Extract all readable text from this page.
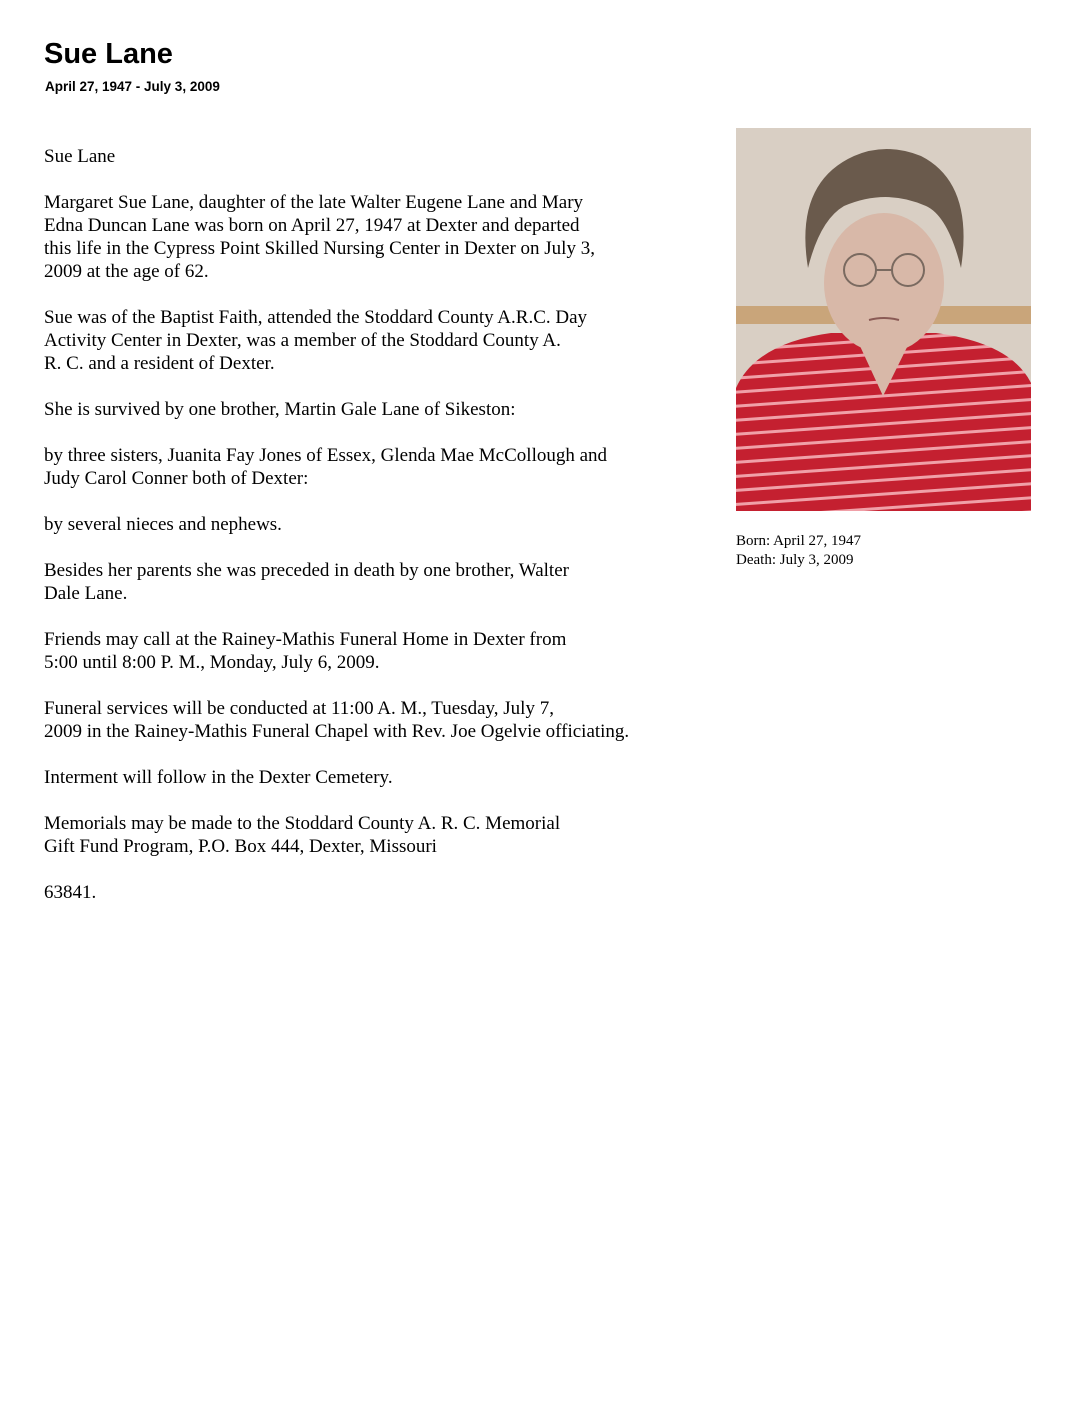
Sue Lane
April 27, 1947 - July 3, 2009

Sue Lane

Margaret Sue Lane, daughter of the late Walter Eugene Lane and Mary
Edna Duncan Lane was born on April 27, 1947 at Dexter and departed
this life in the Cypress Point Skilled Nursing Center in Dexter on July 3,
2009 at the age of 62.

Sue was of the Baptist Faith, attended the Stoddard County A.R.C. Day
Activity Center in Dexter, was a member of the Stoddard County A.
R. C. and a resident of Dexter.

She is survived by one brother, Martin Gale Lane of Sikeston:

by three sisters, Juanita Fay Jones of Essex, Glenda Mae McCollough and
Judy Carol Conner both of Dexter:

by several nieces and nephews.

Besides her parents she was preceded in death by one brother, Walter
Dale Lane.

Friends may call at the Rainey-Mathis Funeral Home in Dexter from
5:00 until 8:00 P. M., Monday, July 6, 2009.

Funeral services will be conducted at 11:00 A. M., Tuesday, July 7,
2009 in the Rainey-Mathis Funeral Chapel with Rev. Joe Ogelvie officiating.

Interment will follow in the Dexter Cemetery.

Memorials may be made to the Stoddard County A. R. C. Memorial
Gift Fund Program, P.O. Box 444, Dexter, Missouri

63841.

Born: April 27, 1947
Death: July 3, 2009
